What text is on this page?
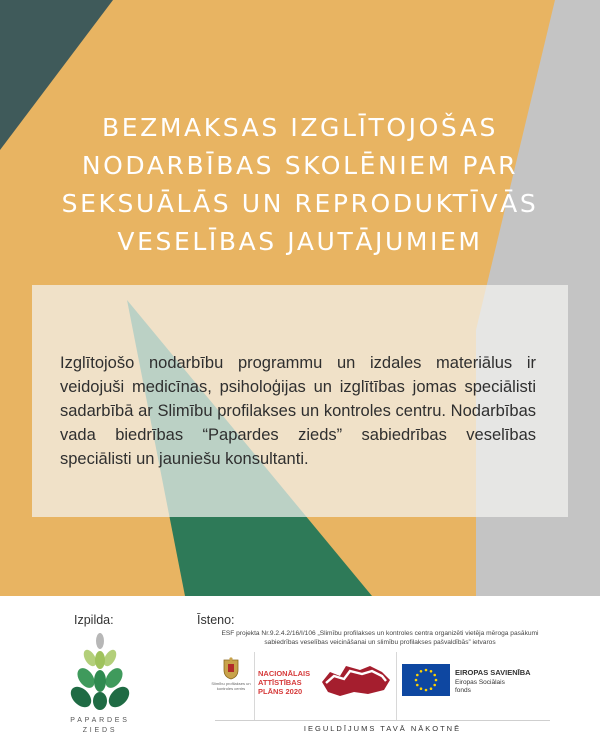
BEZMAKSAS IZGLĪTOJOŠAS
NODARBĪBAS SKOLĒNIEM PAR
SEKSUĀLĀS UN REPRODUKTĪVĀS
VESELĪBAS JAUTĀJUMIEM

Izglītojošo nodarbību programmu un izdales materiālus ir veidojuši medicīnas, psiholoģijas un izglītības jomas speciālisti sadarbībā ar Slimību profilakses un kontroles centru. Nodarbības vada biedrības “Papardes zieds” sabiedrības veselības speciālisti un jauniešu konsultanti.

Izpilda:	Īsteno:
PAPARDES
ZIEDS
ESF projekta Nr.9.2.4.2/16/I/106 „Slimību profilakses un kontroles centra organizēti vietēja mēroga pasākumi
sabiedrības veselības veicināšanai un slimību profilakses pašvaldībās” ietvaros
Slimību profilakses un kontroles centrs
NACIONĀLAIS
ATTĪSTĪBAS
PLĀNS 2020
EIROPAS SAVIENĪBA
Eiropas Sociālais
fonds
IEGULDĪJUMS TAVĀ NĀKOTNĒ
